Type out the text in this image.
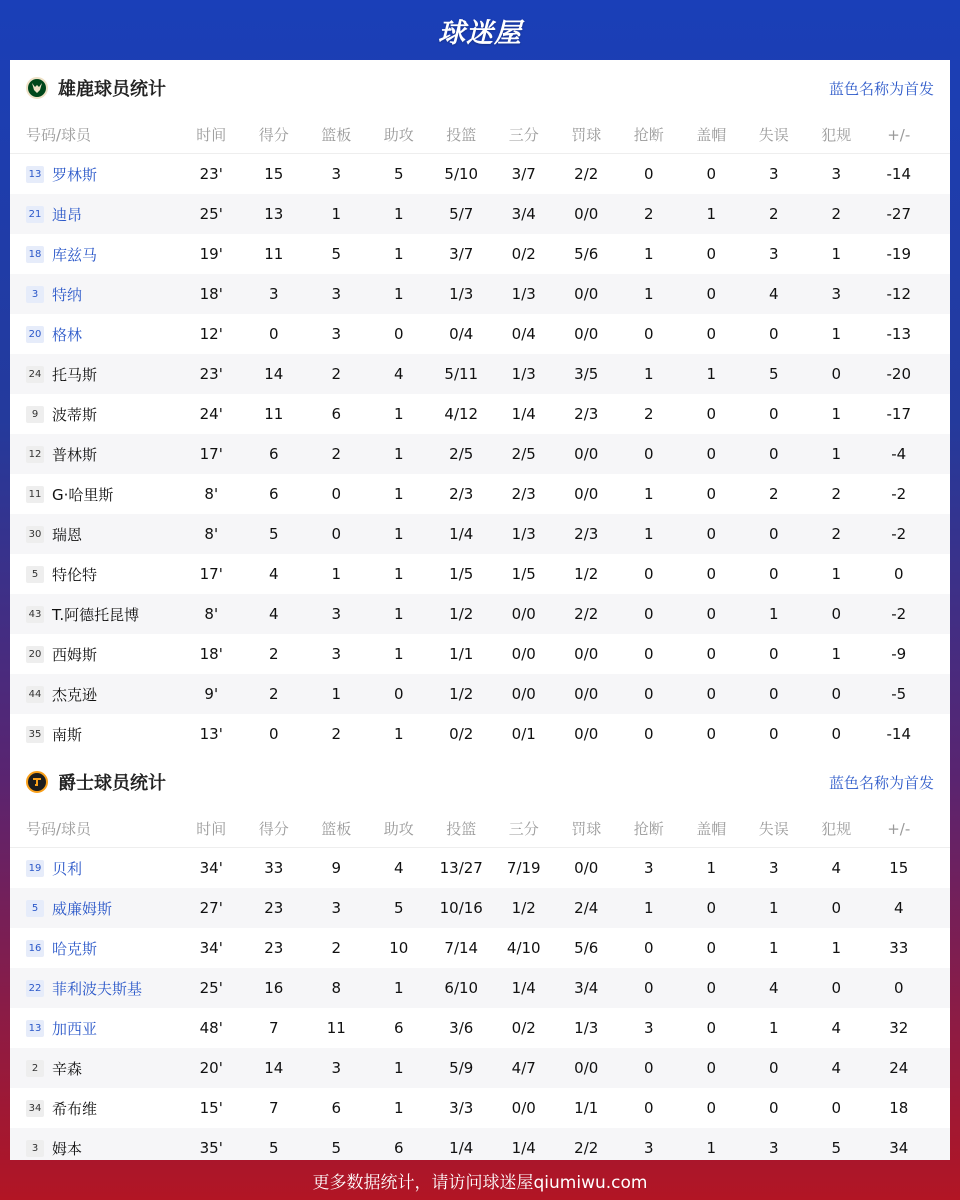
球迷屋
雄鹿球员统计	蓝色名称为首发
号码/球员	时间	得分	篮板	助攻	投篮	三分	罚球	抢断	盖帽	失误	犯规	+/-
13 罗林斯	23'	15	3	5	5/10	3/7	2/2	0	0	3	3	-14
21 迪昂	25'	13	1	1	5/7	3/4	0/0	2	1	2	2	-27
18 库兹马	19'	11	5	1	3/7	0/2	5/6	1	0	3	1	-19
3 特纳	18'	3	3	1	1/3	1/3	0/0	1	0	4	3	-12
20 格林	12'	0	3	0	0/4	0/4	0/0	0	0	0	1	-13
24 托马斯	23'	14	2	4	5/11	1/3	3/5	1	1	5	0	-20
9 波蒂斯	24'	11	6	1	4/12	1/4	2/3	2	0	0	1	-17
12 普林斯	17'	6	2	1	2/5	2/5	0/0	0	0	0	1	-4
11 G·哈里斯	8'	6	0	1	2/3	2/3	0/0	1	0	2	2	-2
30 瑞恩	8'	5	0	1	1/4	1/3	2/3	1	0	0	2	-2
5 特伦特	17'	4	1	1	1/5	1/5	1/2	0	0	0	1	0
43 T.阿德托昆博	8'	4	3	1	1/2	0/0	2/2	0	0	1	0	-2
20 西姆斯	18'	2	3	1	1/1	0/0	0/0	0	0	0	1	-9
44 杰克逊	9'	2	1	0	1/2	0/0	0/0	0	0	0	0	-5
35 南斯	13'	0	2	1	0/2	0/1	0/0	0	0	0	0	-14
爵士球员统计	蓝色名称为首发
号码/球员	时间	得分	篮板	助攻	投篮	三分	罚球	抢断	盖帽	失误	犯规	+/-
19 贝利	34'	33	9	4	13/27	7/19	0/0	3	1	3	4	15
5 威廉姆斯	27'	23	3	5	10/16	1/2	2/4	1	0	1	0	4
16 哈克斯	34'	23	2	10	7/14	4/10	5/6	0	0	1	1	33
22 菲利波夫斯基	25'	16	8	1	6/10	1/4	3/4	0	0	4	0	0
13 加西亚	48'	7	11	6	3/6	0/2	1/3	3	0	1	4	32
2 辛森	20'	14	3	1	5/9	4/7	0/0	0	0	0	4	24
34 希布维	15'	7	6	1	3/3	0/0	1/1	0	0	0	0	18
3 姆本	35'	5	5	6	1/4	1/4	2/2	3	1	3	5	34
更多数据统计，请访问球迷屋qiumiwu.com
